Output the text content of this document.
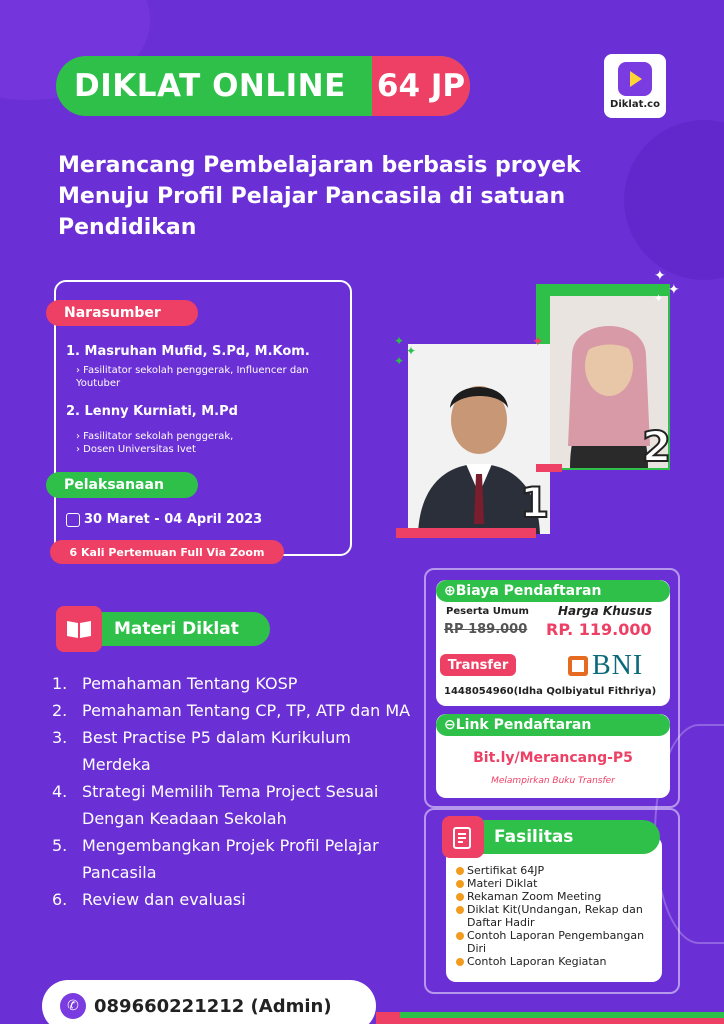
DIKLAT ONLINE 64 JP
Diklat.co
Merancang Pembelajaran berbasis proyek Menuju Profil Pelajar Pancasila di satuan Pendidikan
Narasumber
1. Masruhan Mufid, S.Pd, M.Kom.
› Fasilitator sekolah penggerak, Influencer dan Youtuber
2. Lenny Kurniati, M.Pd
› Fasilitator sekolah penggerak,
› Dosen Universitas Ivet
Pelaksanaan
30 Maret - 04 April 2023
6 Kali Pertemuan Full Via Zoom
2
1
✦
✦
✦
✦
✦
✦
✦
Materi Diklat
1. Pemahaman Tentang KOSP
2. Pemahaman Tentang CP, TP, ATP dan MA
3. Best Practise P5 dalam Kurikulum Merdeka
4. Strategi Memilih Tema Project Sesuai Dengan Keadaan Sekolah
5. Mengembangkan Projek Profil Pelajar Pancasila
6. Review dan evaluasi
⊕ Biaya Pendaftaran
Peserta Umum
RP 189.000
Harga Khusus
RP. 119.000
Transfer	BNI
1448054960(Idha Qolbiyatul Fithriya)
⊖ Link Pendaftaran
Bit.ly/Merancang-P5
Melampirkan Buku Transfer
Fasilitas
Sertifikat 64JP
Materi Diklat
Rekaman Zoom Meeting
Diklat Kit(Undangan, Rekap dan Daftar Hadir
Contoh Laporan Pengembangan Diri
Contoh Laporan Kegiatan
✆ 089660221212 (Admin)
